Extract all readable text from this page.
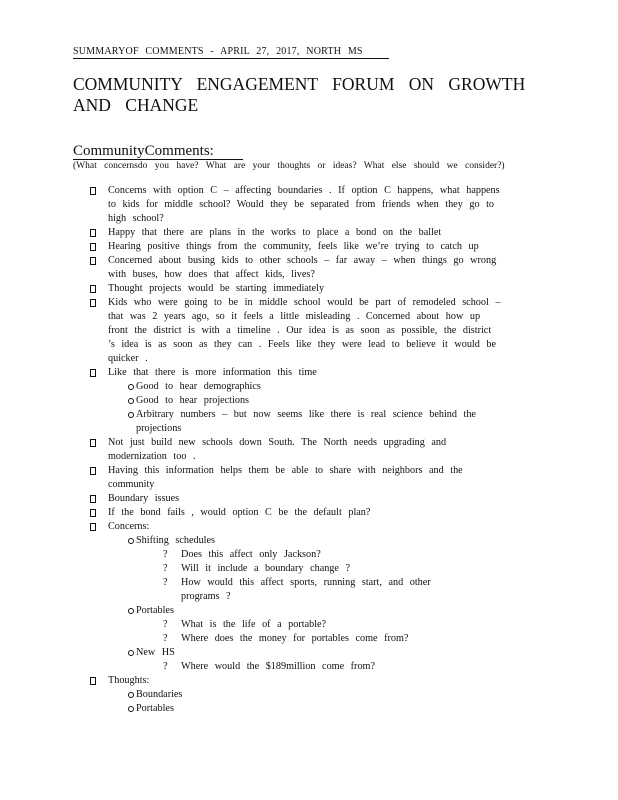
SUMMARYOF COMMENTS - APRIL 27, 2017, NORTH MS
COMMUNITY ENGAGEMENT FORUM ON GROWTH AND CHANGE
CommunityComments:
(What concernsdo you have? What are your thoughts or ideas? What else should we consider?)
Concerns with option C – affecting boundaries . If option C happens, what happens to kids for middle school? Would they be separated from friends when they go to high school?
Happy that there are plans in the works to place a bond on the ballet
Hearing positive things from the community, feels like we’re trying to catch up
Concerned about busing kids to other schools – far away – when things go wrong with buses, how does that affect kids, lives?
Thought projects would be starting immediately
Kids who were going to be in middle school would be part of remodeled school – that was 2 years ago, so it feels a little misleading . Concerned about how up front the district is with a timeline . Our idea is as soon as possible, the district ’s idea is as soon as they can . Feels like they were lead to believe it would be quicker .
Like that there is more information this time
Good to hear demographics
Good to hear projections
Arbitrary numbers – but now seems like there is real science behind the projections
Not just build new schools down South. The North needs upgrading and modernization too .
Having this information helps them be able to share with neighbors and the community
Boundary issues
If the bond fails , would option C be the default plan?
Concerns:
Shifting schedules
? Does this affect only Jackson?
? Will it include a boundary change ?
? How would this affect sports, running start, and other programs ?
Portables
? What is the life of a portable?
? Where does the money for portables come from?
New HS
? Where would the $189million come from?
Thoughts:
Boundaries
Portables
